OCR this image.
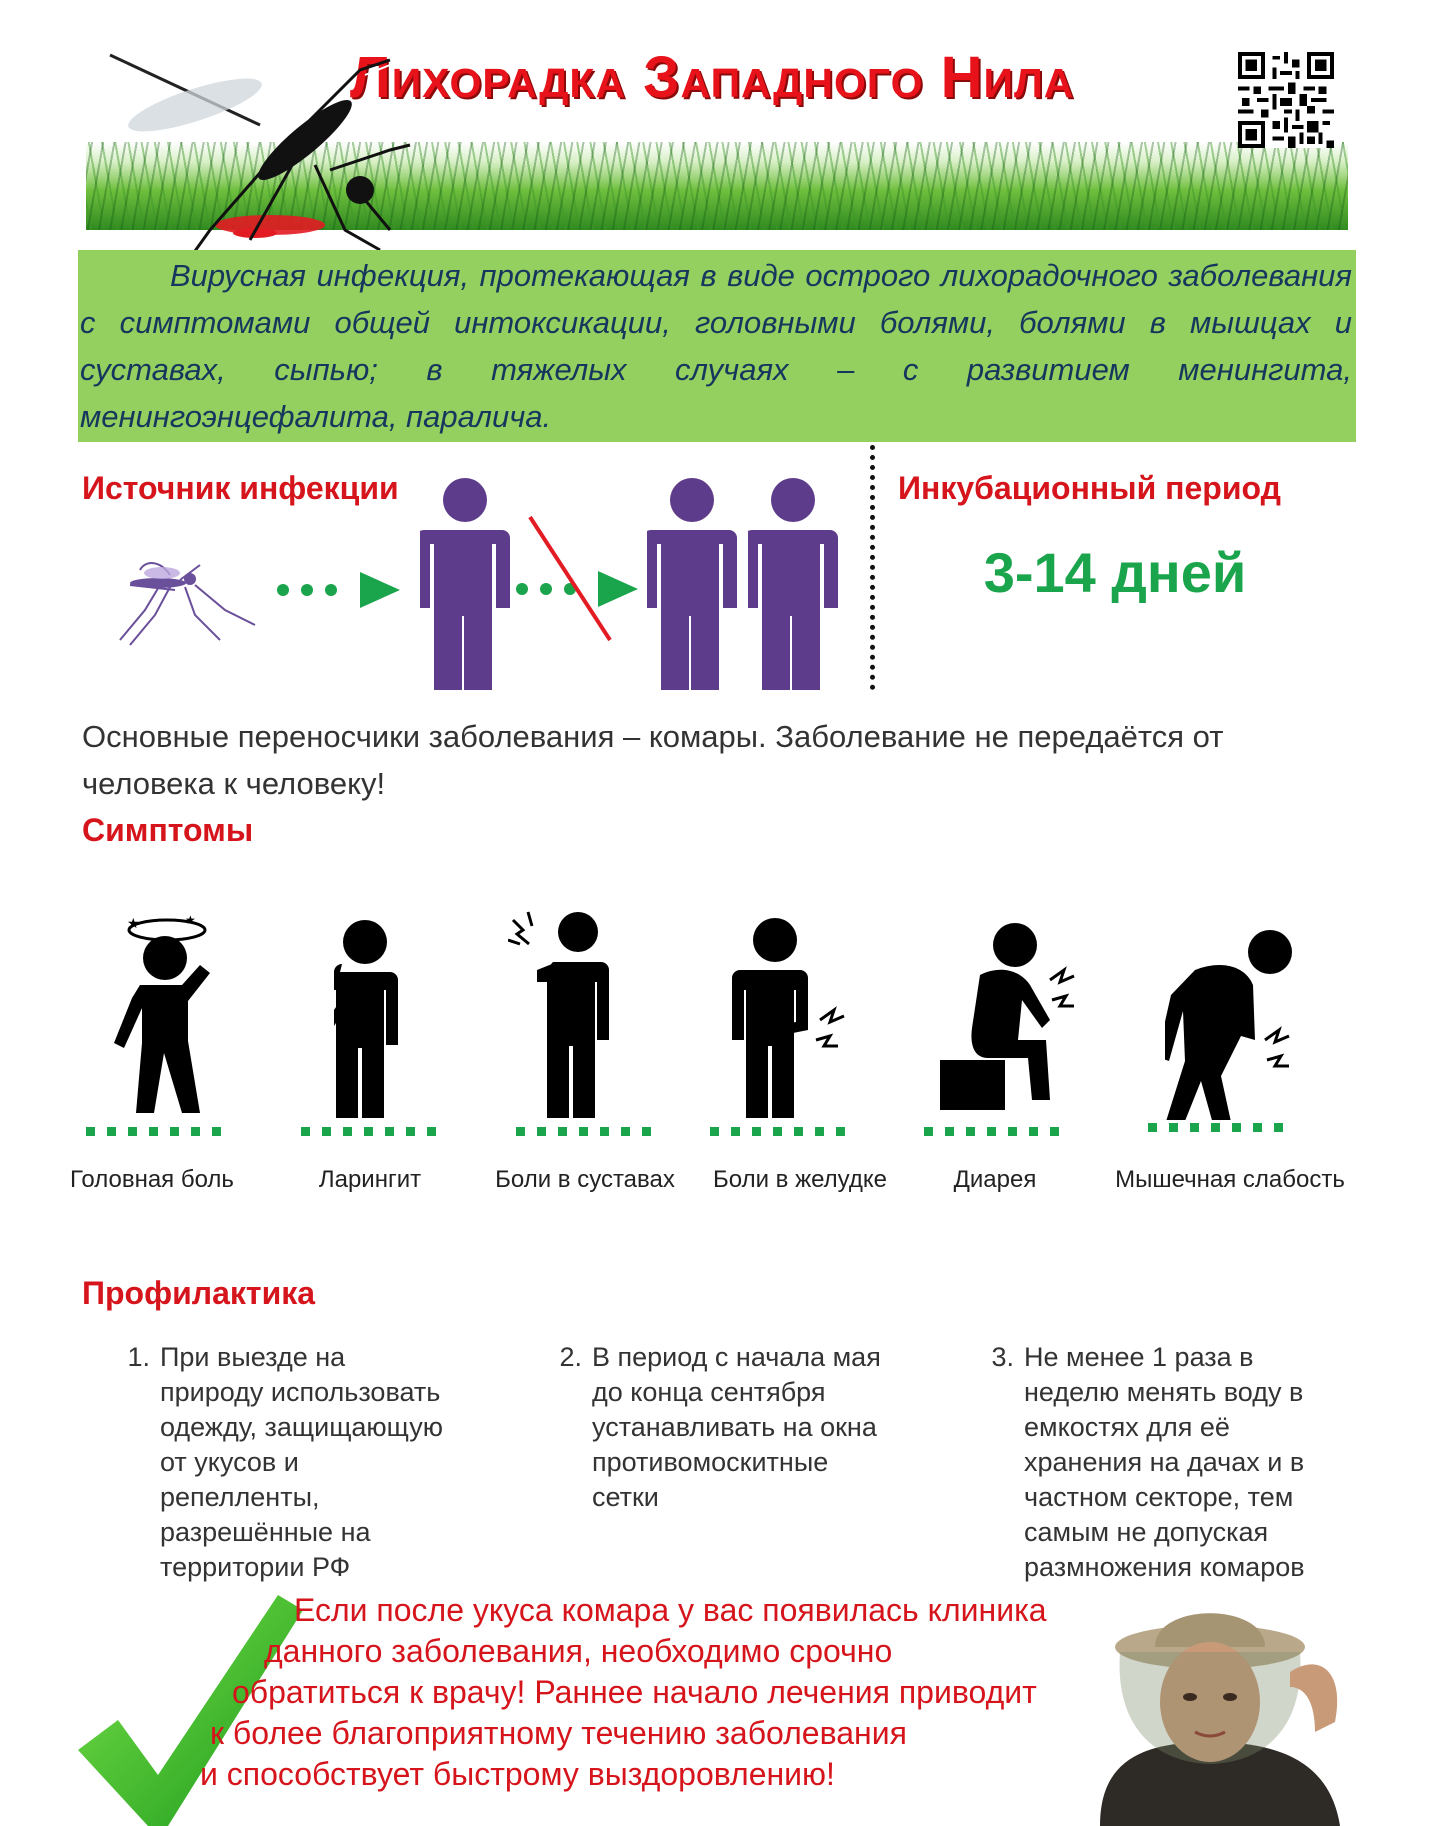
Лихорадка Западного Нила
Вирусная инфекция, протекающая в виде острого лихорадочного заболевания с симптомами общей интоксикации, головными болями, болями в мышцах и суставах, сыпью; в тяжелых случаях – с развитием менингита, менингоэнцефалита, паралича.
Источник инфекции	Инкубационный период
3-14 дней
Основные переносчики заболевания – комары. Заболевание не передаётся от человека к человеку!
Симптомы
★	★
Головная боль	Ларингит	Боли в суставах	Боли в желудке	Диарея	Мышечная слабость
Профилактика
1. При выезде на
природу использовать
одежду, защищающую
от укусов и
репелленты,
разрешённые на
территории РФ
2. В период с начала мая
до конца сентября
устанавливать на окна
противомоскитные
сетки
3. Не менее 1 раза в
неделю менять воду в
емкостях для её
хранения на дачах и в
частном секторе, тем
самым не допуская
размножения комаров
Если после укуса комара у вас появилась клиника
данного заболевания, необходимо срочно
обратиться к врачу! Раннее начало лечения приводит
к более благоприятному течению заболевания
и способствует быстрому выздоровлению!
